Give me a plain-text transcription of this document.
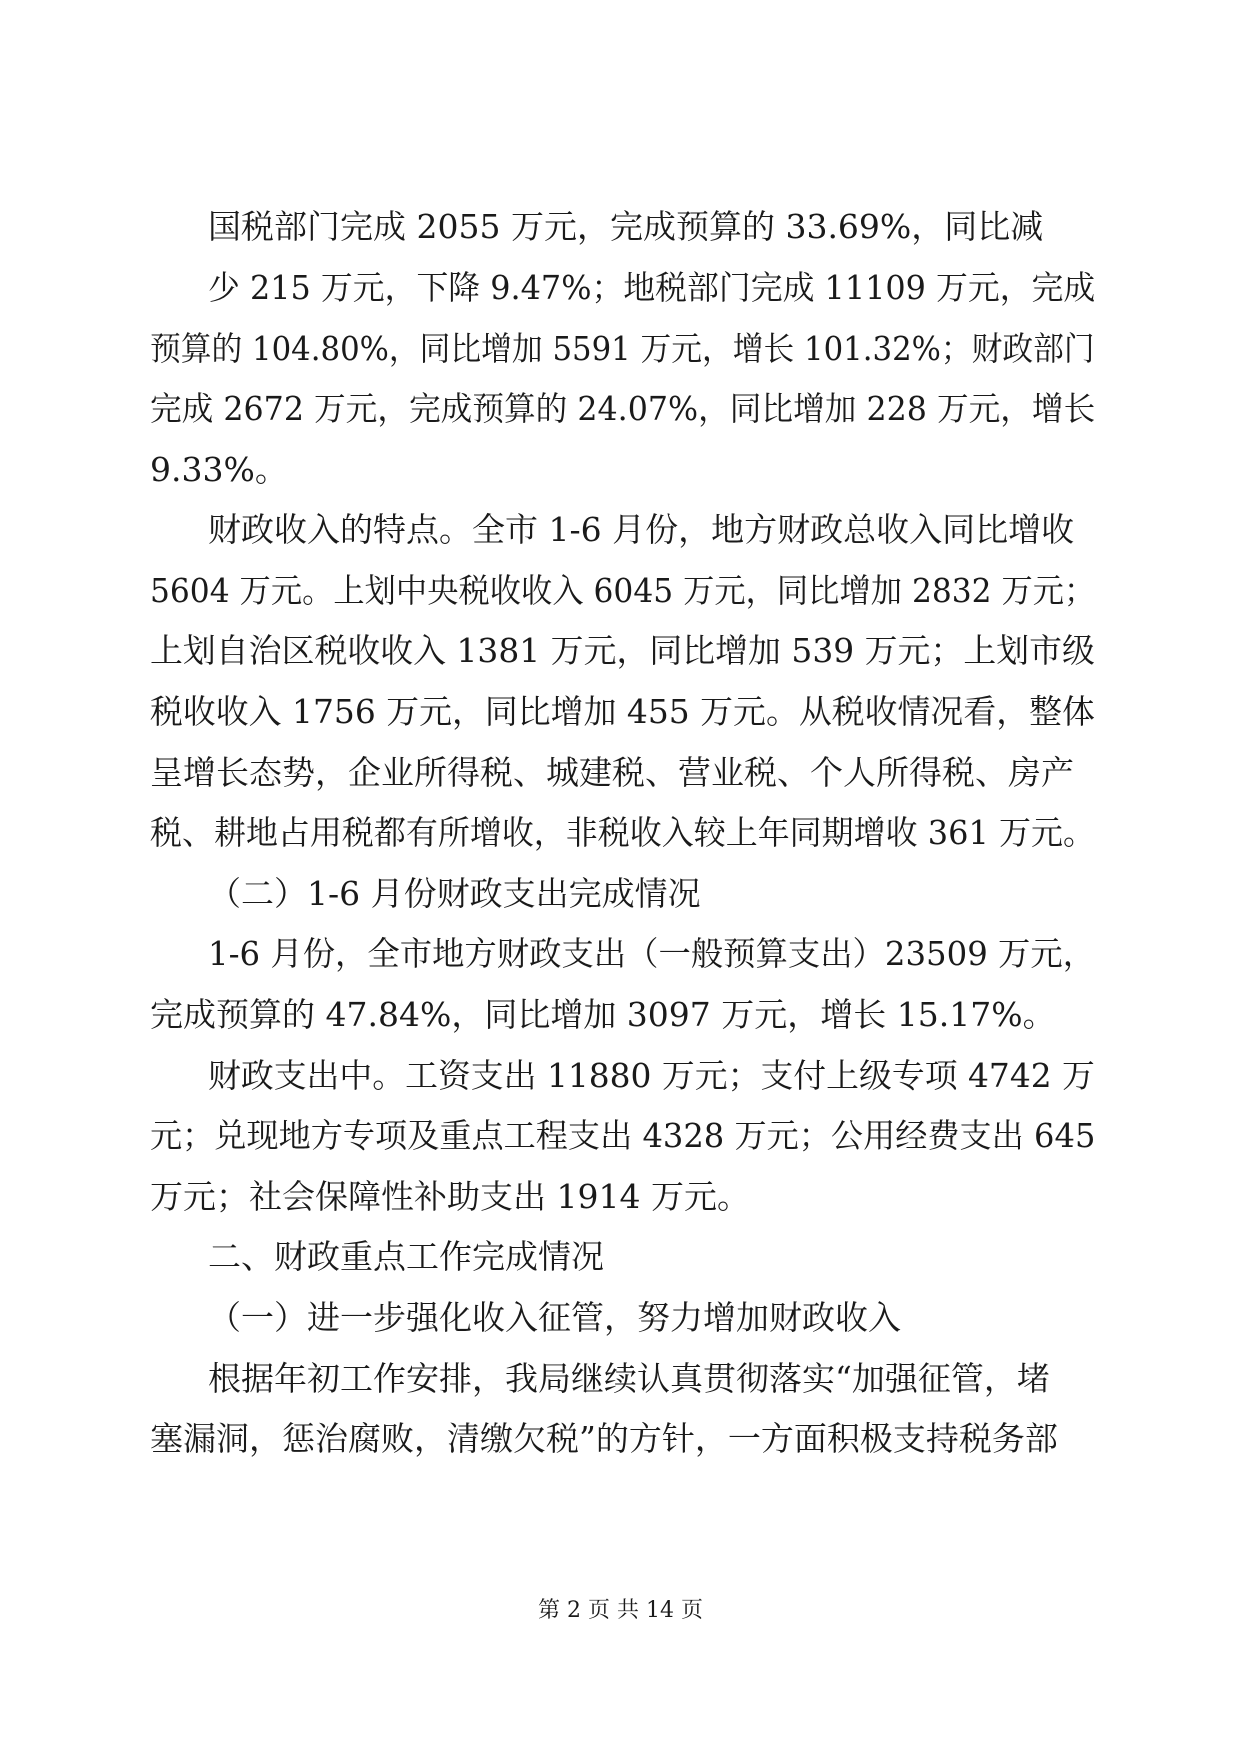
国税部门完成 2055 万元，完成预算的 33.69%，同比减
少 215 万元，下降 9.47%；地税部门完成 11109 万元，完成
预算的 104.80%，同比增加 5591 万元，增长 101.32%；财政部门
完成 2672 万元，完成预算的 24.07%，同比增加 228 万元，增长
9.33%。
财政收入的特点。全市 1-6 月份，地方财政总收入同比增收
5604 万元。上划中央税收收入 6045 万元，同比增加 2832 万元；
上划自治区税收收入 1381 万元，同比增加 539 万元；上划市级
税收收入 1756 万元，同比增加 455 万元。从税收情况看，整体
呈增长态势，企业所得税、城建税、营业税、个人所得税、房产
税、耕地占用税都有所增收，非税收入较上年同期增收 361 万元。
（二）1-6 月份财政支出完成情况
1-6 月份，全市地方财政支出（一般预算支出）23509 万元，
完成预算的 47.84%，同比增加 3097 万元，增长 15.17%。
财政支出中。工资支出 11880 万元；支付上级专项 4742 万
元；兑现地方专项及重点工程支出 4328 万元；公用经费支出 645
万元；社会保障性补助支出 1914 万元。
二、财政重点工作完成情况
（一）进一步强化收入征管，努力增加财政收入
根据年初工作安排，我局继续认真贯彻落实“加强征管，堵
塞漏洞，惩治腐败，清缴欠税”的方针，一方面积极支持税务部
第 2 页 共 14 页
